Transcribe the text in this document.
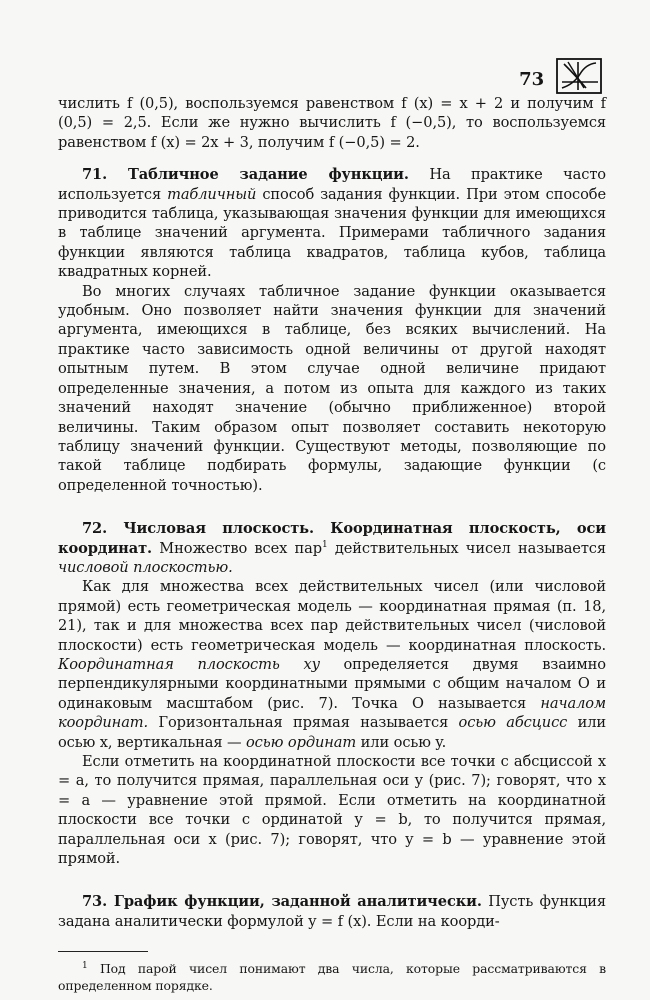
73

числить f (0,5), воспользуемся равенством f (x) = x + 2 и получим f (0,5) = 2,5. Если же нужно вычислить f (−0,5), то воспользуемся равенством f (x) = 2x + 3, получим f (−0,5) = 2.

71. Табличное задание функции. На практике часто используется табличный способ задания функции. При этом способе приводится таблица, указывающая значения функции для имеющихся в таблице значений аргумента. Примерами табличного задания функции являются таблица квадратов, таблица кубов, таблица квадратных корней.

Во многих случаях табличное задание функции оказывается удобным. Оно позволяет найти значения функции для значений аргумента, имеющихся в таблице, без всяких вычислений. На практике часто зависимость одной величины от другой находят опытным путем. В этом случае одной величине придают определенные значения, а потом из опыта для каждого из таких значений находят значение (обычно приближенное) второй величины. Таким образом опыт позволяет составить некоторую таблицу значений функции. Существуют методы, позволяющие по такой таблице подбирать формулы, задающие функции (с определенной точностью).

72. Числовая плоскость. Координатная плоскость, оси координат. Множество всех пар$^1$ действительных чисел называется числовой плоскостью.

Как для множества всех действительных чисел (или числовой прямой) есть геометрическая модель — координатная прямая (п. 18, 21), так и для множества всех пар действительных чисел (числовой плоскости) есть геометрическая модель — координатная плоскость. Координатная плоскость xy определяется двумя взаимно перпендикулярными координатными прямыми с общим началом O и одинаковым масштабом (рис. 7). Точка O называется началом координат. Горизонтальная прямая называется осью абсцисс или осью x, вертикальная — осью ординат или осью y.

Если отметить на координатной плоскости все точки с абсциссой x = a, то получится прямая, параллельная оси y (рис. 7); говорят, что x = a — уравнение этой прямой. Если отметить на координатной плоскости все точки с ординатой y = b, то получится прямая, параллельная оси x (рис. 7); говорят, что y = b — уравнение этой прямой.

73. График функции, заданной аналитически. Пусть функция задана аналитически формулой y = f (x). Если на коорди-

$^1$ Под парой чисел понимают два числа, которые рассматриваются в определенном порядке.
